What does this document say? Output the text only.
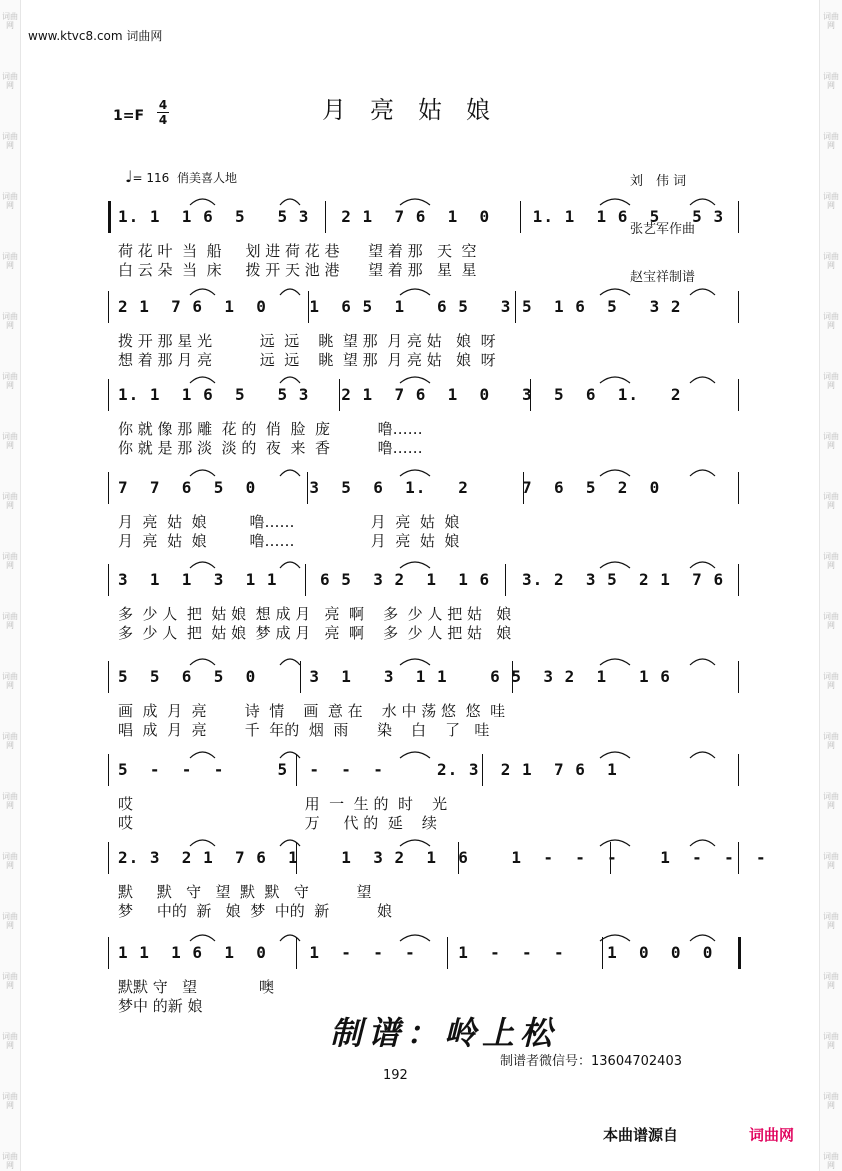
www.ktvc8.com 词曲网
1=F
4
4	月亮姑娘

刘　伟 词

张艺军作曲

赵宝祥制谱

♩= 116 俏美喜人地
1. 1  1 6  5   5 3   2 1  7 6  1  0    1. 1  1 6  5   5 3
荷 花 叶  当  船     划 进 荷 花 巷      望 着 那   天  空
白 云 朵  当  床     拨 开 天 池 港      望 着 那   星  星
2 1  7 6  1  0    1  6 5  1   6 5   3 5  1 6  5   3 2
拨 开 那 星 光          远  远    眺  望 那  月 亮 姑   娘  呀
想 着 那 月 亮          远  远    眺  望 那  月 亮 姑   娘  呀
1. 1  1 6  5   5 3   2 1  7 6  1  0   3  5  6  1.   2
你 就 像 那 雕  花 的  俏  脸  庞          噜……
你 就 是 那 淡  淡 的  夜  来  香          噜……
7  7  6  5  0     3  5  6  1.   2     7  6  5  2  0
月  亮  姑  娘         噜……                月  亮  姑  娘
月  亮  姑  娘         噜……                月  亮  姑  娘
3  1  1  3  1 1    6 5  3 2  1  1 6   3. 2  3 5  2 1  7 6
多  少 人  把  姑 娘  想 成 月   亮  啊    多  少 人 把 姑   娘
多  少 人  把  姑 娘  梦 成 月   亮  啊    多  少 人 把 姑   娘
5  5  6  5  0     3  1   3  1 1    6 5  3 2  1   1 6
画  成  月  亮        诗  情    画  意 在    水 中 荡 悠  悠  哇
唱  成  月  亮        千  年的  烟  雨      染    白    了   哇
5  -  -  -     5  -  -  -     2. 3  2 1  7 6  1
哎                                    用  一  生 的  时    光
哎                                    万     代 的  延    续
2. 3  2 1  7 6  1    1  3 2  1  6    1  -  -  -    1  -  -  -
默     默   守   望  默  默   守          望
梦     中的  新   娘  梦  中的  新          娘
1 1  1 6  1  0    1  -  -  -    1  -  -  -    1  0  0  0
默默 守   望             噢
梦中 的新 娘
制谱：岭上松
制谱者微信号：13604702403
192
本曲谱源自	词曲网
词曲网
词曲网
词曲网
词曲网
词曲网
词曲网
词曲网
词曲网
词曲网
词曲网
词曲网
词曲网
词曲网
词曲网
词曲网
词曲网
词曲网
词曲网
词曲网
词曲网
词曲网
词曲网
词曲网
词曲网
词曲网
词曲网
词曲网
词曲网
词曲网
词曲网
词曲网
词曲网
词曲网
词曲网
词曲网
词曲网
词曲网
词曲网
词曲网
词曲网
